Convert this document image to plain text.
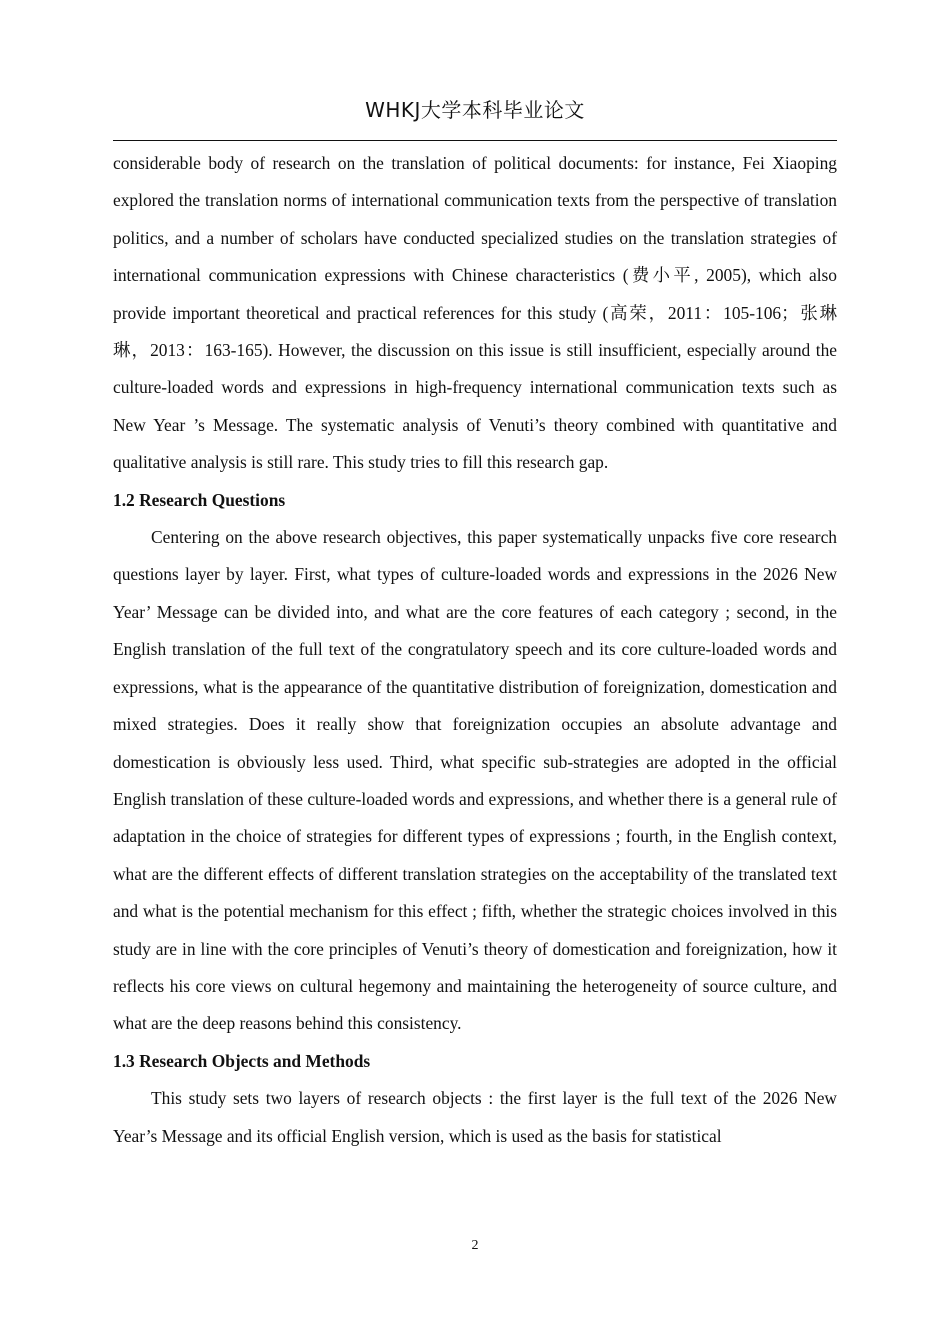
WHKJ大学本科毕业论文

considerable body of research on the translation of political documents: for instance, Fei Xiaoping explored the translation norms of international communication texts from the perspective of translation politics, and a number of scholars have conducted specialized studies on the translation strategies of international communication expressions with Chinese characteristics (费小平, 2005), which also provide important theoretical and practical references for this study (高荣，2011：105-106；张琳琳，2013：163-165). However, the discussion on this issue is still insufficient, especially around the culture-loaded words and expressions in high-frequency international communication texts such as New Year ’s Message. The systematic analysis of Venuti’s theory combined with quantitative and qualitative analysis is still rare. This study tries to fill this research gap.

1.2 Research Questions

Centering on the above research objectives, this paper systematically unpacks five core research questions layer by layer. First, what types of culture-loaded words and expressions in the 2026 New Year’ Message can be divided into, and what are the core features of each category ; second, in the English translation of the full text of the congratulatory speech and its core culture-loaded words and expressions, what is the appearance of the quantitative distribution of foreignization, domestication and mixed strategies. Does it really show that foreignization occupies an absolute advantage and domestication is obviously less used. Third, what specific sub-strategies are adopted in the official English translation of these culture-loaded words and expressions, and whether there is a general rule of adaptation in the choice of strategies for different types of expressions ; fourth, in the English context, what are the different effects of different translation strategies on the acceptability of the translated text and what is the potential mechanism for this effect ; fifth, whether the strategic choices involved in this study are in line with the core principles of Venuti’s theory of domestication and foreignization, how it reflects his core views on cultural hegemony and maintaining the heterogeneity of source culture, and what are the deep reasons behind this consistency.

1.3 Research Objects and Methods

This study sets two layers of research objects : the first layer is the full text of the 2026 New Year’s Message and its official English version, which is used as the basis for statistical

2
